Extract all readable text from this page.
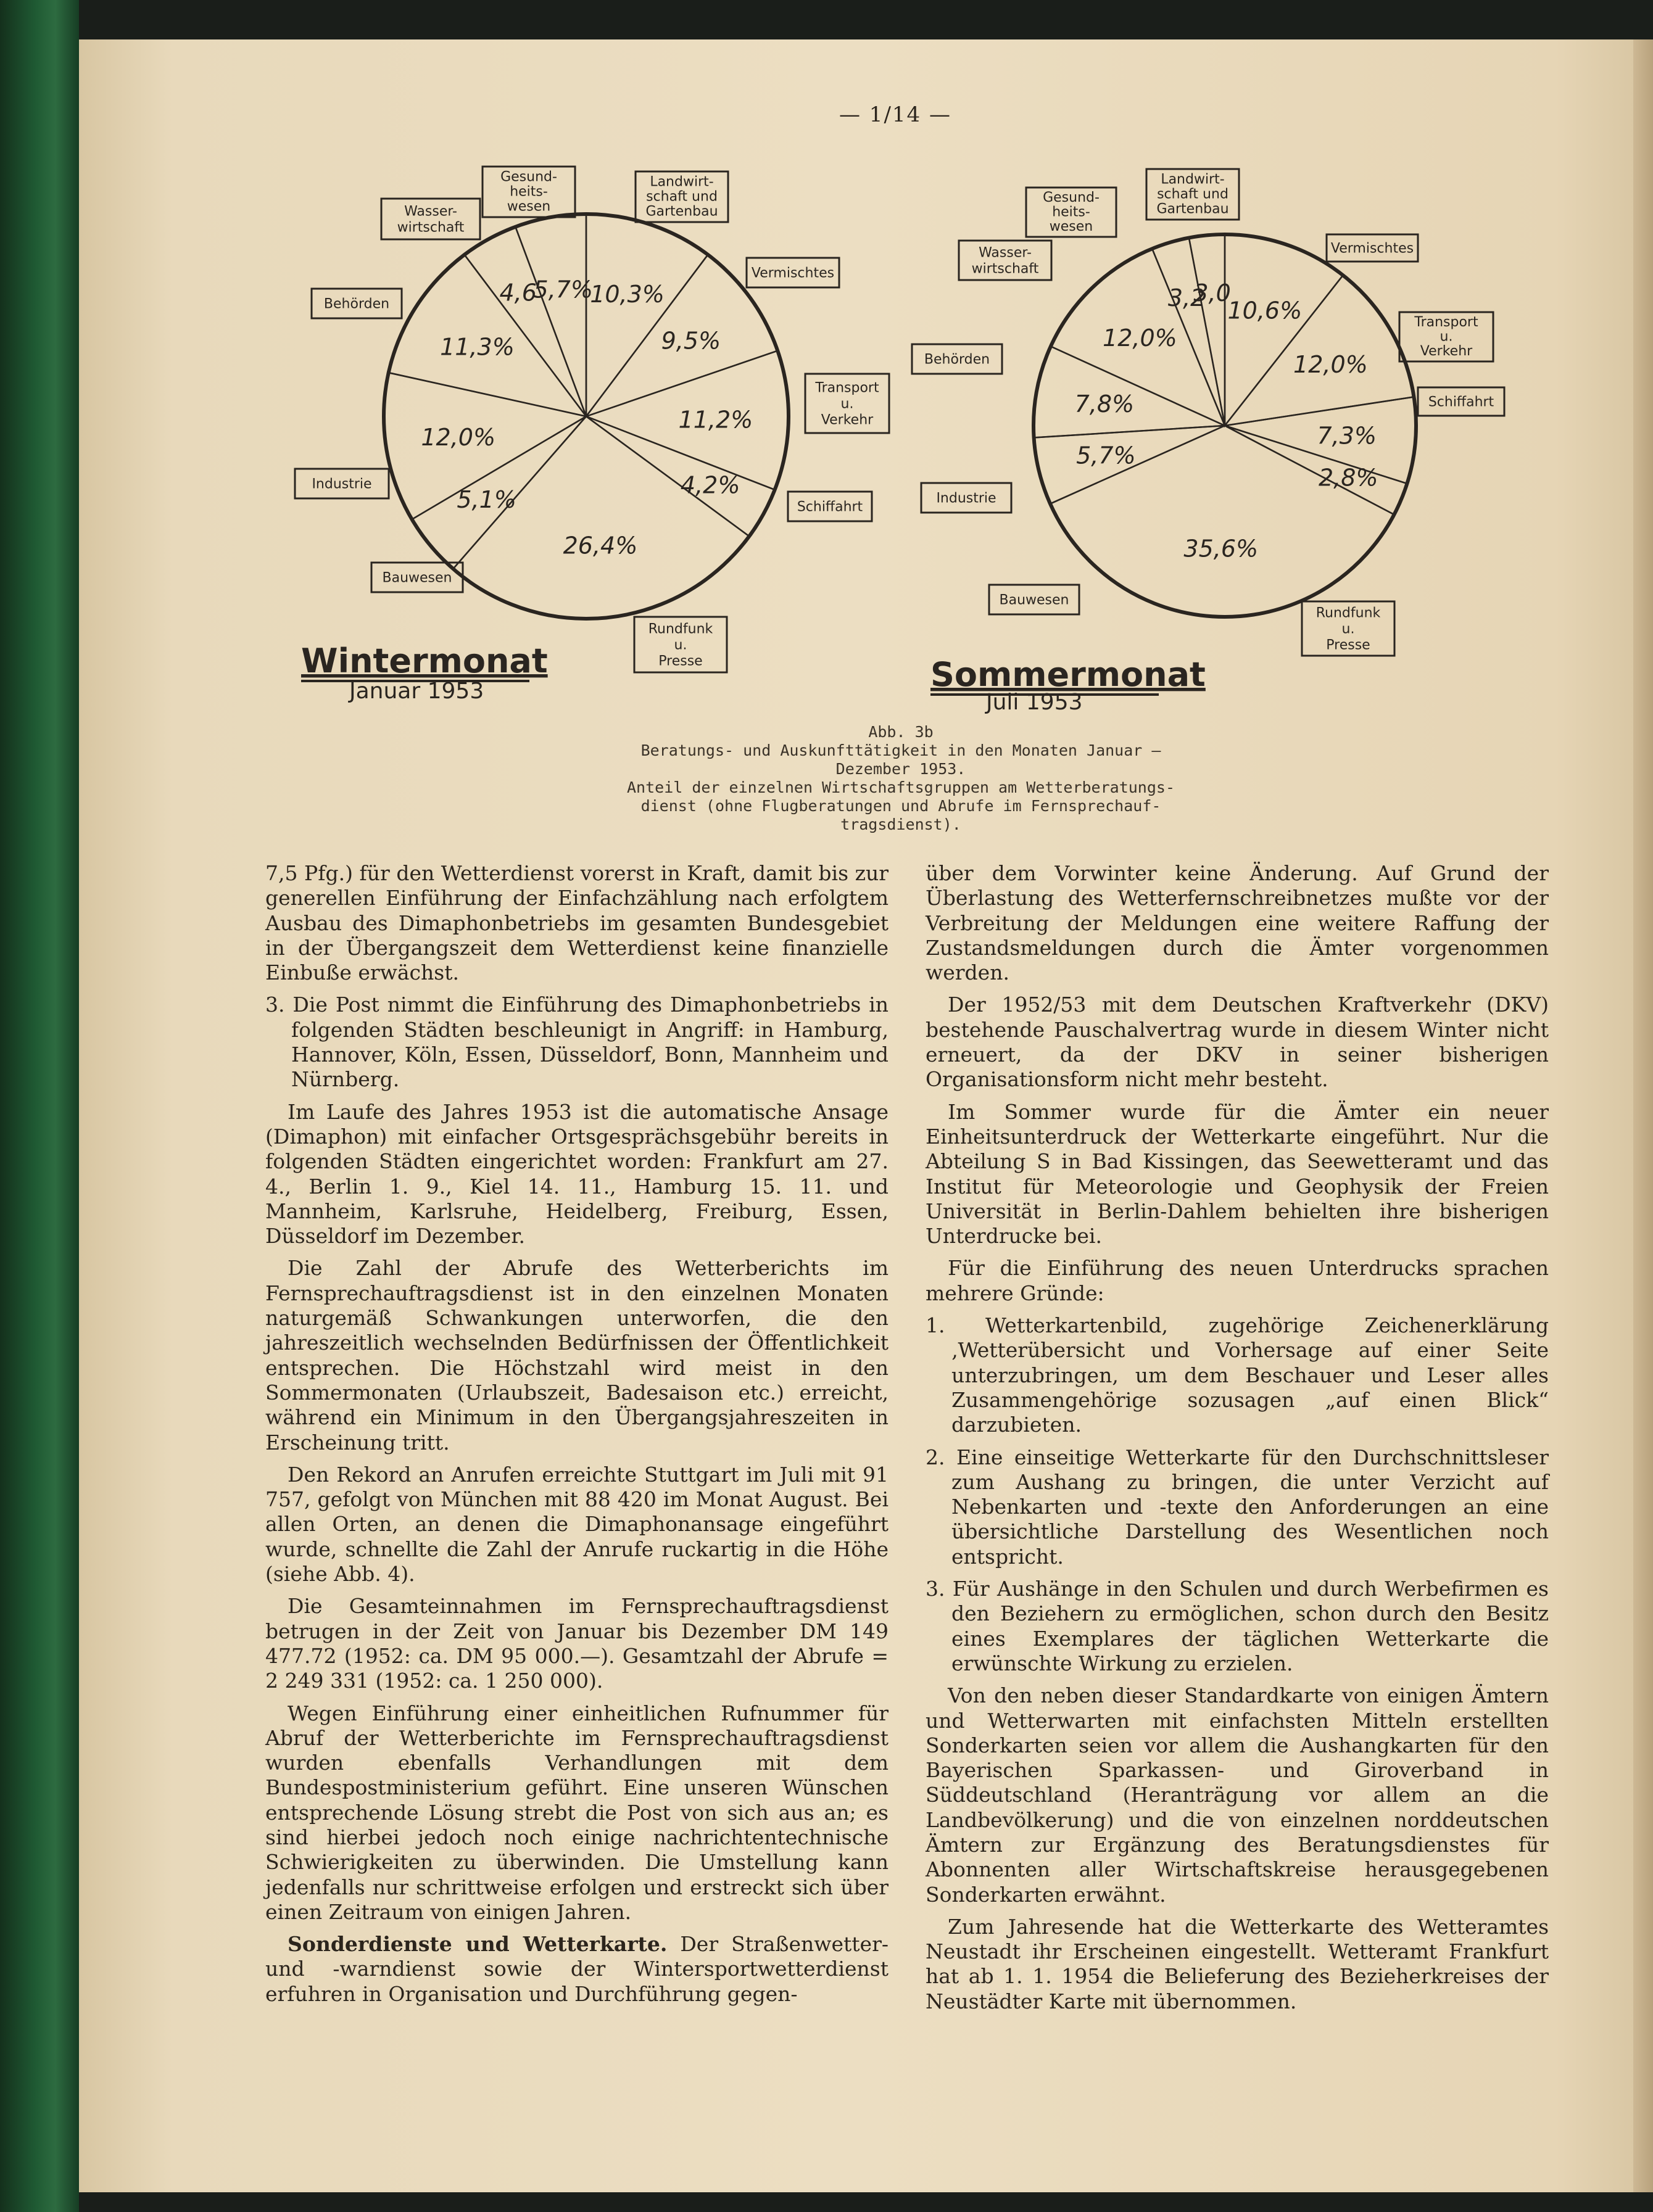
— 1/14 —
10,3%
9,5%
11,2%
4,2%
26,4%
5,1%
12,0%
11,3%
4,6
5,7%
Landwirt-
schaft und
Gartenbau
Vermischtes
Transport
u.
Verkehr
Schiffahrt
Rundfunk
u.
Presse
Bauwesen
Industrie
Behörden
Wasser-
wirtschaft
Gesund-
heits-
wesen
Wintermonat
Januar 1953
10,6%
12,0%
7,3%
2,8%
35,6%
5,7%
7,8%
12,0%
3,2
3,0
Landwirt-
schaft und
Gartenbau
Vermischtes
Transport
u.
Verkehr
Schiffahrt
Rundfunk
u.
Presse
Bauwesen
Industrie
Behörden
Wasser-
wirtschaft
Gesund-
heits-
wesen
Sommermonat
Juli 1953
Abb. 3b
Beratungs- und Auskunfttätigkeit in den Monaten Januar —
Dezember 1953.
Anteil der einzelnen Wirtschaftsgruppen am Wetterberatungs-
dienst (ohne Flugberatungen und Abrufe im Fernsprechauf-
tragsdienst).

7,5 Pfg.) für den Wetterdienst vorerst in Kraft, damit bis zur generellen Einführung der Einfachzählung nach erfolgtem Ausbau des Dimaphonbetriebs im gesamten Bundesgebiet in der Übergangszeit dem Wetterdienst keine finanzielle Einbuße erwächst.

3. Die Post nimmt die Einführung des Dimaphonbetriebs in folgenden Städten beschleunigt in Angriff: in Hamburg, Hannover, Köln, Essen, Düsseldorf, Bonn, Mannheim und Nürnberg.

Im Laufe des Jahres 1953 ist die automatische Ansage (Dimaphon) mit einfacher Ortsgesprächsgebühr bereits in folgenden Städten eingerichtet worden: Frankfurt am 27. 4., Berlin 1. 9., Kiel 14. 11., Hamburg 15. 11. und Mannheim, Karlsruhe, Heidelberg, Freiburg, Essen, Düsseldorf im Dezember.

Die Zahl der Abrufe des Wetterberichts im Fernsprechauftragsdienst ist in den einzelnen Monaten naturgemäß Schwankungen unterworfen, die den jahreszeitlich wechselnden Bedürfnissen der Öffentlichkeit entsprechen. Die Höchstzahl wird meist in den Sommermonaten (Urlaubszeit, Badesaison etc.) erreicht, während ein Minimum in den Übergangsjahreszeiten in Erscheinung tritt.

Den Rekord an Anrufen erreichte Stuttgart im Juli mit 91 757, gefolgt von München mit 88 420 im Monat August. Bei allen Orten, an denen die Dimaphonansage eingeführt wurde, schnellte die Zahl der Anrufe ruckartig in die Höhe (siehe Abb. 4).

Die Gesamteinnahmen im Fernsprechauftragsdienst betrugen in der Zeit von Januar bis Dezember DM 149 477.72 (1952: ca. DM 95 000.—). Gesamtzahl der Abrufe = 2 249 331 (1952: ca. 1 250 000).

Wegen Einführung einer einheitlichen Rufnummer für Abruf der Wetterberichte im Fernsprechauftragsdienst wurden ebenfalls Verhandlungen mit dem Bundespostministerium geführt. Eine unseren Wünschen entsprechende Lösung strebt die Post von sich aus an; es sind hierbei jedoch noch einige nachrichtentechnische Schwierigkeiten zu überwinden. Die Umstellung kann jedenfalls nur schrittweise erfolgen und erstreckt sich über einen Zeitraum von einigen Jahren.

Sonderdienste und Wetterkarte. Der Straßenwetter- und -warndienst sowie der Wintersportwetterdienst erfuhren in Organisation und Durchführung gegen-

über dem Vorwinter keine Änderung. Auf Grund der Überlastung des Wetterfernschreibnetzes mußte vor der Verbreitung der Meldungen eine weitere Raffung der Zustandsmeldungen durch die Ämter vorgenommen werden.

Der 1952/53 mit dem Deutschen Kraftverkehr (DKV) bestehende Pauschalvertrag wurde in diesem Winter nicht erneuert, da der DKV in seiner bisherigen Organisationsform nicht mehr besteht.

Im Sommer wurde für die Ämter ein neuer Einheitsunterdruck der Wetterkarte eingeführt. Nur die Abteilung S in Bad Kissingen, das Seewetteramt und das Institut für Meteorologie und Geophysik der Freien Universität in Berlin-Dahlem behielten ihre bisherigen Unterdrucke bei.

Für die Einführung des neuen Unterdrucks sprachen mehrere Gründe:

1. Wetterkartenbild, zugehörige Zeichenerklärung ‚Wetterübersicht und Vorhersage auf einer Seite unterzubringen, um dem Beschauer und Leser alles Zusammengehörige sozusagen „auf einen Blick“ darzubieten.

2. Eine einseitige Wetterkarte für den Durchschnittsleser zum Aushang zu bringen, die unter Verzicht auf Nebenkarten und -texte den Anforderungen an eine übersichtliche Darstellung des Wesentlichen noch entspricht.

3. Für Aushänge in den Schulen und durch Werbefirmen es den Beziehern zu ermöglichen, schon durch den Besitz eines Exemplares der täglichen Wetterkarte die erwünschte Wirkung zu erzielen.

Von den neben dieser Standardkarte von einigen Ämtern und Wetterwarten mit einfachsten Mitteln erstellten Sonderkarten seien vor allem die Aushangkarten für den Bayerischen Sparkassen- und Giroverband in Süddeutschland (Heranträgung vor allem an die Landbevölkerung) und die von einzelnen norddeutschen Ämtern zur Ergänzung des Beratungsdienstes für Abonnenten aller Wirtschaftskreise herausgegebenen Sonderkarten erwähnt.

Zum Jahresende hat die Wetterkarte des Wetteramtes Neustadt ihr Erscheinen eingestellt. Wetteramt Frankfurt hat ab 1. 1. 1954 die Belieferung des Bezieherkreises der Neustädter Karte mit übernommen.
